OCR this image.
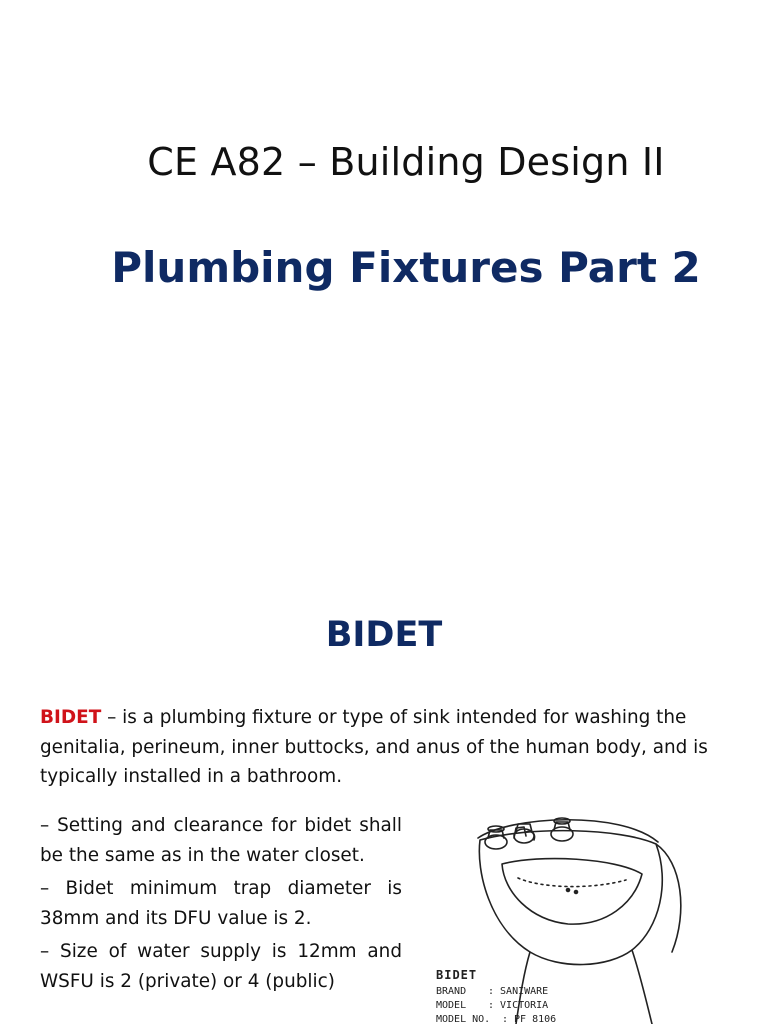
CE A82 – Building Design II
Plumbing Fixtures Part 2
BIDET
BIDET – is a plumbing fixture or type of sink intended for washing the genitalia, perineum, inner buttocks, and anus of the human body, and is typically installed in a bathroom.
– Setting and clearance for bidet shall be the same as in the water closet.
– Bidet minimum trap diameter is 38mm and its DFU value is 2.
– Size of water supply is 12mm and WSFU is 2 (private) or 4 (public)	BIDET
BRAND : SANIWARE
MODEL : VICTORIA
MODEL NO. : PF 8106
